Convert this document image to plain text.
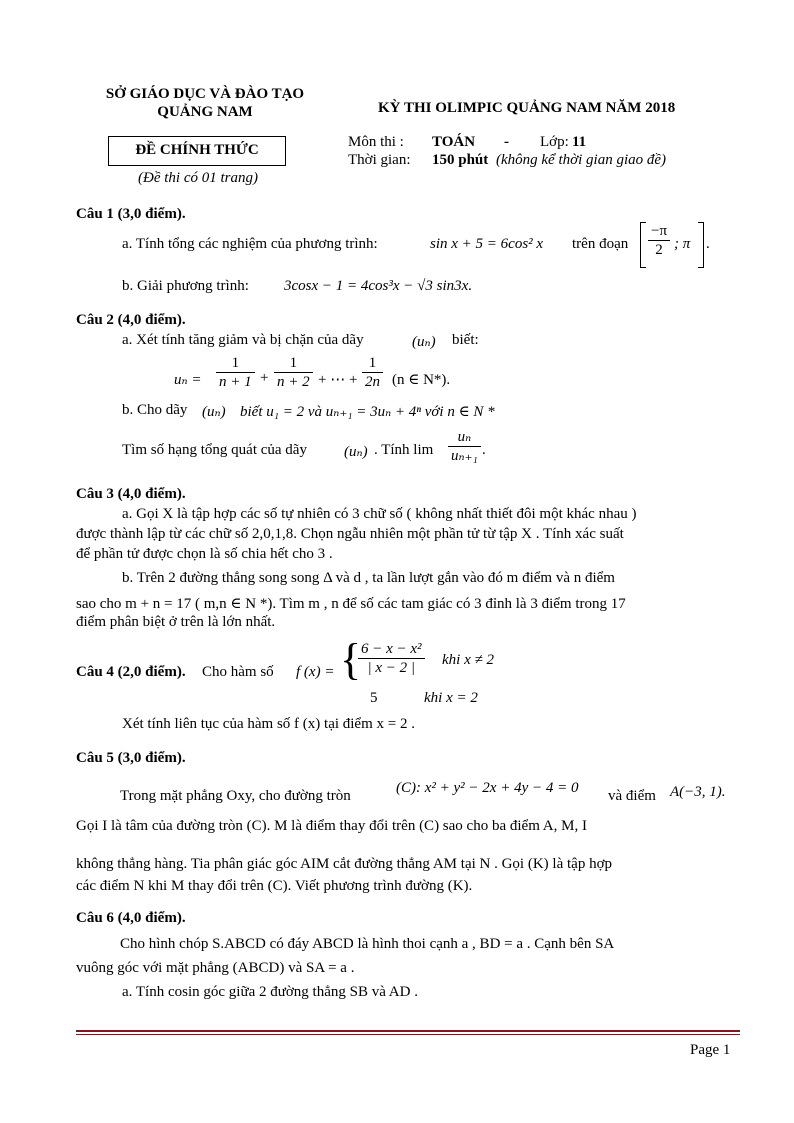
SỞ GIÁO DỤC VÀ ĐÀO TẠO
QUẢNG NAM	KỲ THI OLIMPIC QUẢNG NAM NĂM 2018
ĐỀ CHÍNH THỨC
(Đề thi có 01 trang)
Môn thi : TOÁN - Lớp: 11
Thời gian: 150 phút (không kể thời gian giao đề)
Câu 1 (3,0 điểm).
a. Tính tổng các nghiệm của phương trình:	sin x + 5 = 6cos² x trên đoạn $\frac{-\pi}{2}$ ; π .
b. Giải phương trình: 3cosx − 1 = 4cos³x − √3 sin3x.
Câu 2 (4,0 điểm).
a. Xét tính tăng giảm và bị chặn của dãy	(uₙ) biết:
$u_n = \frac{1}{n + 1} + \frac{1}{n + 2}$ + ⋯ + $\frac{1}{2n} (n$ ∈ N*).
b. Cho dãy (uₙ) biết u₁ = 2 và uₙ₊₁ = 3uₙ + 4ⁿ với n ∈ N *
Tìm số hạng tổng quát của dãy (uₙ) . Tính $\lim \frac{\text{uₙ}}{\text{uₙ₊₁}}$ .
Câu 3 (4,0 điểm).
a. Gọi X là tập hợp các số tự nhiên có 3 chữ số ( không nhất thiết đôi một khác nhau )
được thành lập từ các chữ số 2,0,1,8. Chọn ngẫu nhiên một phần tử từ tập X . Tính xác suất
để phần tử được chọn là số chia hết cho 3 .
b. Trên 2 đường thẳng song song Δ và d , ta lần lượt gắn vào đó m điểm và n điểm
sao cho m + n = 17 ( m,n ∈ N *). Tìm m , n để số các tam giác có 3 đỉnh là 3 điểm trong 17
điểm phân biệt ở trên là lớn nhất.
Câu 4 (2,0 điểm). Cho hàm số f (x) = {
$\frac{\text{6 − x − x²}}{| x - 2 |}$ khi x ≠ 2
5	khi x = 2
Xét tính liên tục của hàm số f (x) tại điểm x = 2 .
Câu 5 (3,0 điểm).
Trong mặt phẳng Oxy, cho đường tròn	(C): x² + y² − 2x + 4y − 4 = 0 và điểm A(−3, 1).
Gọi I là tâm của đường tròn (C). M là điểm thay đổi trên (C) sao cho ba điểm A, M, I
không thẳng hàng. Tia phân giác góc AIM cắt đường thẳng AM tại N . Gọi (K) là tập hợp
các điểm N khi M thay đổi trên (C). Viết phương trình đường (K).
Câu 6 (4,0 điểm).
Cho hình chóp S.ABCD có đáy ABCD là hình thoi cạnh a , BD = a . Cạnh bên SA
vuông góc với mặt phẳng (ABCD) và SA = a .
a. Tính cosin góc giữa 2 đường thẳng SB và AD .
Page 1
